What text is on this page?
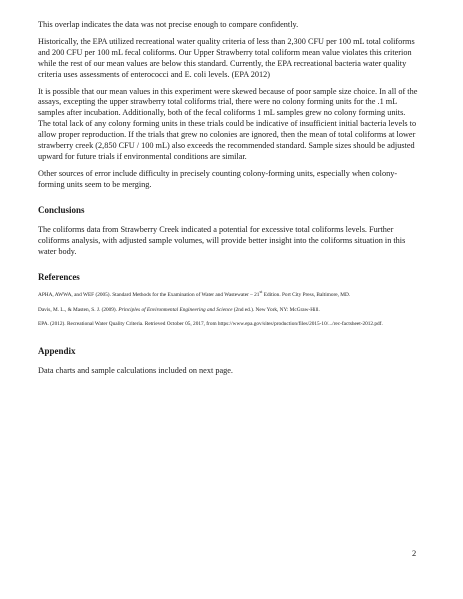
This overlap indicates the data was not precise enough to compare confidently.

Historically, the EPA utilized recreational water quality criteria of less than 2,300 CFU per 100 mL total coliforms and 200 CFU per 100 mL fecal coliforms. Our Upper Strawberry total coliform mean value violates this criterion while the rest of our mean values are below this standard. Currently, the EPA recreational bacteria water quality criteria uses assessments of enterococci and E. coli levels. (EPA 2012)

It is possible that our mean values in this experiment were skewed because of poor sample size choice. In all of the assays, excepting the upper strawberry total coliforms trial, there were no colony forming units for the .1 mL samples after incubation. Additionally, both of the fecal coliforms 1 mL samples grew no colony forming units. The total lack of any colony forming units in these trials could be indicative of insufficient initial bacteria levels to allow proper reproduction. If the trials that grew no colonies are ignored, then the mean of total coliforms at lower strawberry creek (2,850 CFU / 100 mL) also exceeds the recommended standard. Sample sizes should be adjusted upward for future trials if environmental conditions are similar.

Other sources of error include difficulty in precisely counting colony-forming units, especially when colony-forming units seem to be merging.

Conclusions

The coliforms data from Strawberry Creek indicated a potential for excessive total coliforms levels. Further coliforms analysis, with adjusted sample volumes, will provide better insight into the coliforms situation in this water body.

References

APHA, AWWA, and WEF (2005). Standard Methods for the Examination of Water and Wastewater – 21st Edition. Port City Press, Baltimore, MD.

Davis, M. L., & Masten, S. J. (2009). Principles of Environmental Engineering and Science (2nd ed.). New York, NY: McGraw-Hill.

EPA. (2012). Recreational Water Quality Criteria. Retrieved October 05, 2017, from https://www.epa.gov/sites/production/files/2015-10/.../rec-factsheet-2012.pdf.

Appendix

Data charts and sample calculations included on next page.

2
